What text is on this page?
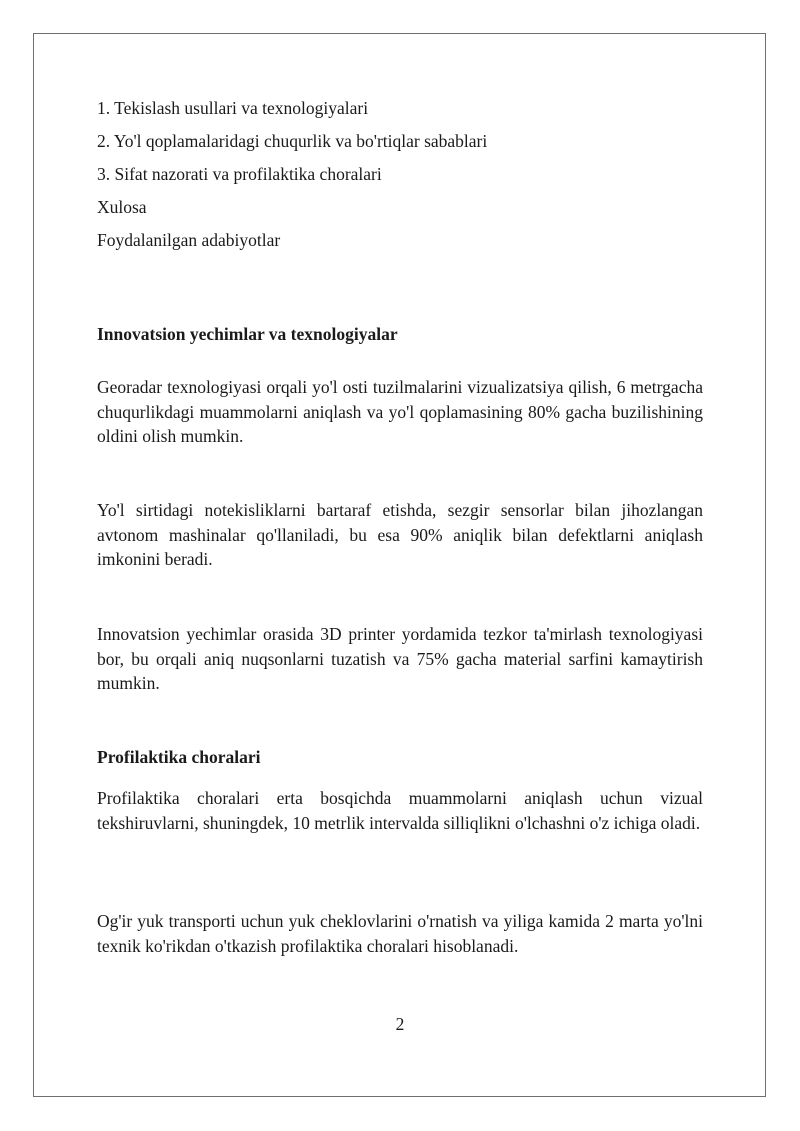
1. Tekislash usullari va texnologiyalari
2. Yo'l qoplamalaridagi chuqurlik va bo'rtiqlar sabablari
3. Sifat nazorati va profilaktika choralari
Xulosa
Foydalanilgan adabiyotlar
Innovatsion yechimlar va texnologiyalar

Georadar texnologiyasi orqali yo'l osti tuzilmalarini vizualizatsiya qilish, 6 metrgacha chuqurlikdagi muammolarni aniqlash va yo'l qoplamasining 80% gacha buzilishining oldini olish mumkin.

Yo'l sirtidagi notekisliklarni bartaraf etishda, sezgir sensorlar bilan jihozlangan avtonom mashinalar qo'llaniladi, bu esa 90% aniqlik bilan defektlarni aniqlash imkonini beradi.

Innovatsion yechimlar orasida 3D printer yordamida tezkor ta'mirlash texnologiyasi bor, bu orqali aniq nuqsonlarni tuzatish va 75% gacha material sarfini kamaytirish mumkin.

Profilaktika choralari

Profilaktika choralari erta bosqichda muammolarni aniqlash uchun vizual tekshiruvlarni, shuningdek, 10 metrlik intervalda silliqlikni o'lchashni o'z ichiga oladi.

Og'ir yuk transporti uchun yuk cheklovlarini o'rnatish va yiliga kamida 2 marta yo'lni texnik ko'rikdan o'tkazish profilaktika choralari hisoblanadi.

2
